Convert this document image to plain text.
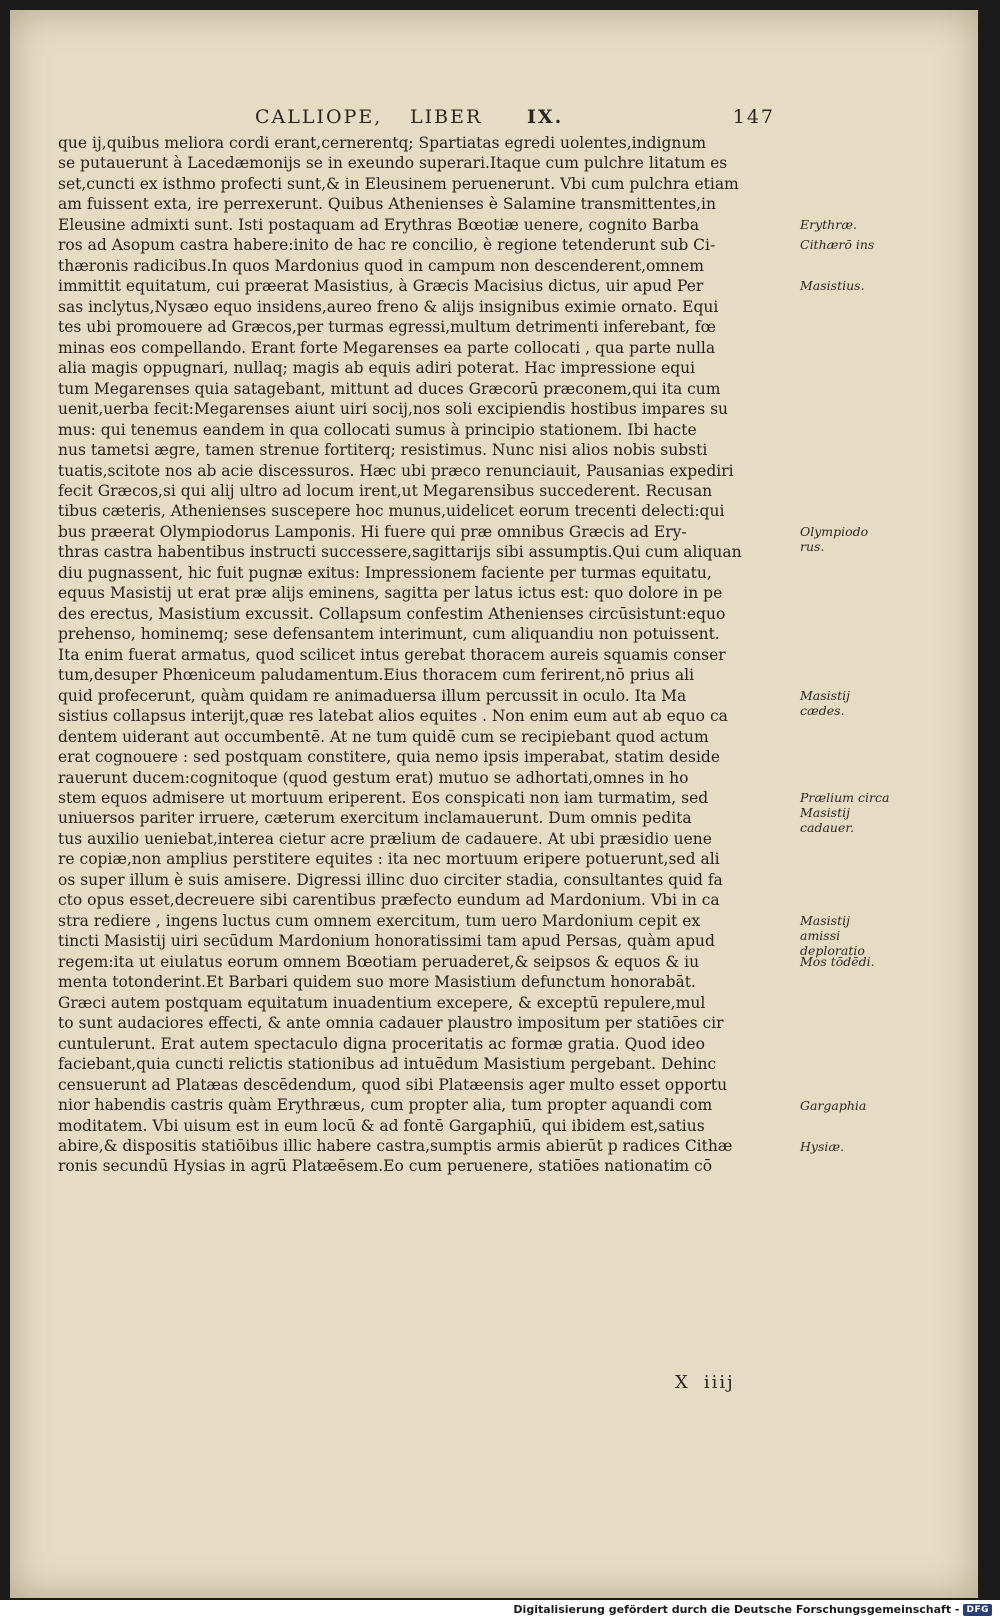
CALLIOPE, LIBER IX.	147
que ij,quibus meliora cordi erant,cernerentq; Spartiatas egredi uolentes,indignum
se putauerunt à Lacedæmonijs se in exeundo superari.Itaque cum pulchre litatum es
set,cuncti ex isthmo profecti sunt,& in Eleusinem peruenerunt. Vbi cum pulchra etiam
am fuissent exta, ire perrexerunt. Quibus Athenienses è Salamine transmittentes,in
Eleusine admixti sunt. Isti postaquam ad Erythras Bœotiæ uenere, cognito Barba
ros ad Asopum castra habere:inito de hac re concilio, è regione tetenderunt sub Ci-
thæronis radicibus.In quos Mardonius quod in campum non descenderent,omnem
immittit equitatum, cui præerat Masistius, à Græcis Macisius dictus, uir apud Per
sas inclytus,Nysæo equo insidens,aureo freno & alijs insignibus eximie ornato. Equi
tes ubi promouere ad Græcos,per turmas egressi,multum detrimenti inferebant, fœ
minas eos compellando. Erant forte Megarenses ea parte collocati , qua parte nulla
alia magis oppugnari, nullaq; magis ab equis adiri poterat. Hac impressione equi
tum Megarenses quia satagebant, mittunt ad duces Græcorū præconem,qui ita cum
uenit,uerba fecit:Megarenses aiunt uiri socij,nos soli excipiendis hostibus impares su
mus: qui tenemus eandem in qua collocati sumus à principio stationem. Ibi hacte
nus tametsi ægre, tamen strenue fortiterq; resistimus. Nunc nisi alios nobis substi
tuatis,scitote nos ab acie discessuros. Hæc ubi præco renunciauit, Pausanias expediri
fecit Græcos,si qui alij ultro ad locum irent,ut Megarensibus succederent. Recusan
tibus cæteris, Athenienses suscepere hoc munus,uidelicet eorum trecenti delecti:qui
bus præerat Olympiodorus Lamponis. Hi fuere qui præ omnibus Græcis ad Ery-
thras castra habentibus instructi successere,sagittarijs sibi assumptis.Qui cum aliquan
diu pugnassent, hic fuit pugnæ exitus: Impressionem faciente per turmas equitatu,
equus Masistij ut erat præ alijs eminens, sagitta per latus ictus est: quo dolore in pe
des erectus, Masistium excussit. Collapsum confestim Athenienses circūsistunt:equo
prehenso, hominemq; sese defensantem interimunt, cum aliquandiu non potuissent.
Ita enim fuerat armatus, quod scilicet intus gerebat thoracem aureis squamis conser
tum,desuper Phœniceum paludamentum.Eius thoracem cum ferirent,nō prius ali
quid profecerunt, quàm quidam re animaduersa illum percussit in oculo. Ita Ma
sistius collapsus interijt,quæ res latebat alios equites . Non enim eum aut ab equo ca
dentem uiderant aut occumbentē. At ne tum quidē cum se recipiebant quod actum
erat cognouere : sed postquam constitere, quia nemo ipsis imperabat, statim deside
rauerunt ducem:cognitoque (quod gestum erat) mutuo se adhortati,omnes in ho
stem equos admisere ut mortuum eriperent. Eos conspicati non iam turmatim, sed
uniuersos pariter irruere, cæterum exercitum inclamauerunt. Dum omnis pedita
tus auxilio ueniebat,interea cietur acre prælium de cadauere. At ubi præsidio uene
re copiæ,non amplius perstitere equites : ita nec mortuum eripere potuerunt,sed ali
os super illum è suis amisere. Digressi illinc duo circiter stadia, consultantes quid fa
cto opus esset,decreuere sibi carentibus præfecto eundum ad Mardonium. Vbi in ca
stra rediere , ingens luctus cum omnem exercitum, tum uero Mardonium cepit ex
tincti Masistij uiri secūdum Mardonium honoratissimi tam apud Persas, quàm apud
regem:ita ut eiulatus eorum omnem Bœotiam peruaderet,& seipsos & equos & iu
menta totonderint.Et Barbari quidem suo more Masistium defunctum honorabāt.
Græci autem postquam equitatum inuadentium excepere, & exceptū repulere,mul
to sunt audaciores effecti, & ante omnia cadauer plaustro impositum per statiōes cir
cuntulerunt. Erat autem spectaculo digna proceritatis ac formæ gratia. Quod ideo
faciebant,quia cuncti relictis stationibus ad intuēdum Masistium pergebant. Dehinc
censuerunt ad Platæas descēdendum, quod sibi Platæensis ager multo esset opportu
nior habendis castris quàm Erythræus, cum propter alia, tum propter aquandi com
moditatem. Vbi uisum est in eum locū & ad fontē Gargaphiū, qui ibidem est,satius
abire,& dispositis statiōibus illic habere castra,sumptis armis abierūt p radices Cithæ
ronis secundū Hysias in agrū Platæēsem.Eo cum peruenere, statiōes nationatim cō
Erythræ.
Cithærō ins
Masistius.
Olympiodo rus.
Masistij cædes.
Prælium circa Masistij cadauer.
Masistij amissi deploratio
Mos tōdēdi.
Gargaphia
Hysiæ.
X iiij
Digitalisierung gefördert durch die Deutsche Forschungsgemeinschaft - DFG
